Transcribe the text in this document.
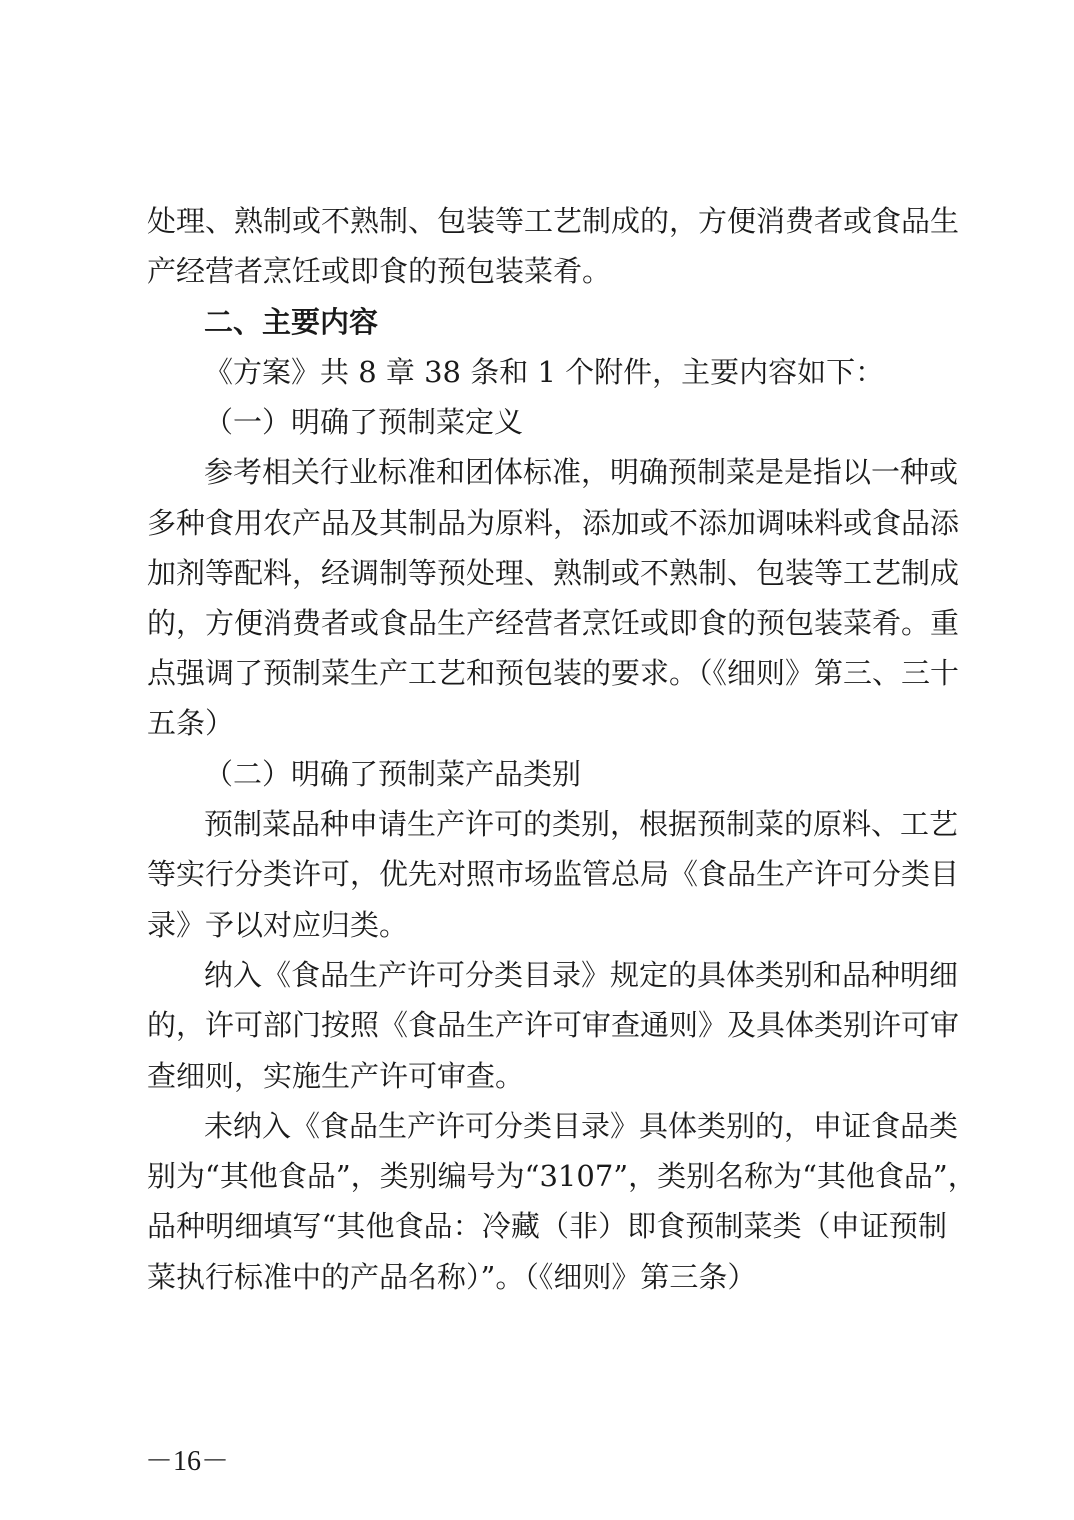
处理、熟制或不熟制、包装等工艺制成的，方便消费者或食品生
产经营者烹饪或即食的预包装菜肴。
二、主要内容
《方案》共 8 章 38 条和 1 个附件，主要内容如下：
（一）明确了预制菜定义
参考相关行业标准和团体标准，明确预制菜是是指以一种或
多种食用农产品及其制品为原料，添加或不添加调味料或食品添
加剂等配料，经调制等预处理、熟制或不熟制、包装等工艺制成
的，方便消费者或食品生产经营者烹饪或即食的预包装菜肴。重
点强调了预制菜生产工艺和预包装的要求。（《细则》第三、三十
五条）
（二）明确了预制菜产品类别
预制菜品种申请生产许可的类别，根据预制菜的原料、工艺
等实行分类许可，优先对照市场监管总局《食品生产许可分类目
录》予以对应归类。
纳入《食品生产许可分类目录》规定的具体类别和品种明细
的，许可部门按照《食品生产许可审查通则》及具体类别许可审
查细则，实施生产许可审查。
未纳入《食品生产许可分类目录》具体类别的，申证食品类
别为“其他食品”，类别编号为“3107”，类别名称为“其他食品”，
品种明细填写“其他食品：冷藏（非）即食预制菜类（申证预制
菜执行标准中的产品名称）”。（《细则》第三条）
－16－
